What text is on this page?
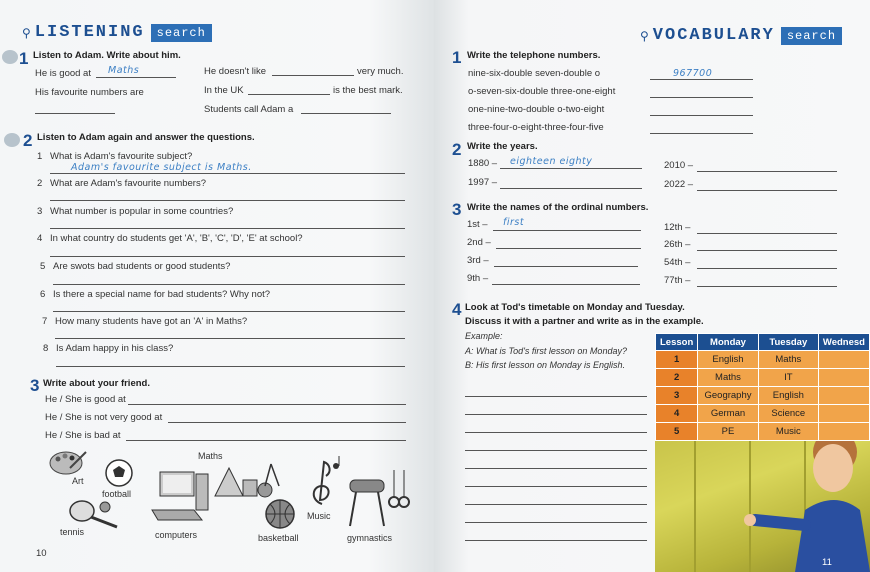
⚲ LISTENING	search
1 Listen to Adam. Write about him.
He is good at Maths
His favourite numbers are
He doesn't like	very much.
In the UK	is the best mark.
Students call Adam a
2 Listen to Adam again and answer the questions.
1 What is Adam's favourite subject?
Adam's favourite subject is Maths.
2 What are Adam's favourite numbers?
3 What number is popular in some countries?
4 In what country do students get 'A', 'B', 'C', 'D', 'E' at school?
5 Are swots bad students or good students?
6 Is there a special name for bad students? Why not?
7 How many students have got an 'A' in Maths?
8 Is Adam happy in his class?
3 Write about your friend.
He / She is good at
He / She is not very good at
He / She is bad at
Art
football
tennis	computers
Maths
basketball
Music
gymnastics
10
⚲ VOCABULARY	search
1 Write the telephone numbers.
nine-six-double seven-double o	967700
o-seven-six-double three-one-eight
one-nine-two-double o-two-eight
three-four-o-eight-three-four-five
2 Write the years.
1880 – eighteen eighty
1997 –
2010 –
2022 –
3 Write the names of the ordinal numbers.
1st – first
2nd –
3rd –
9th –
12th –
26th –
54th –
77th –
4 Look at Tod's timetable on Monday and Tuesday.
Discuss it with a partner and write as in the example.
Example:
A: What is Tod's first lesson on Monday?
B: His first lesson on Monday is English.
Lesson	Monday	Tuesday	Wednesd
1	English	Maths	
2	Maths	IT	
3	Geography	English	
4	German	Science	
5	PE	Music	
11
